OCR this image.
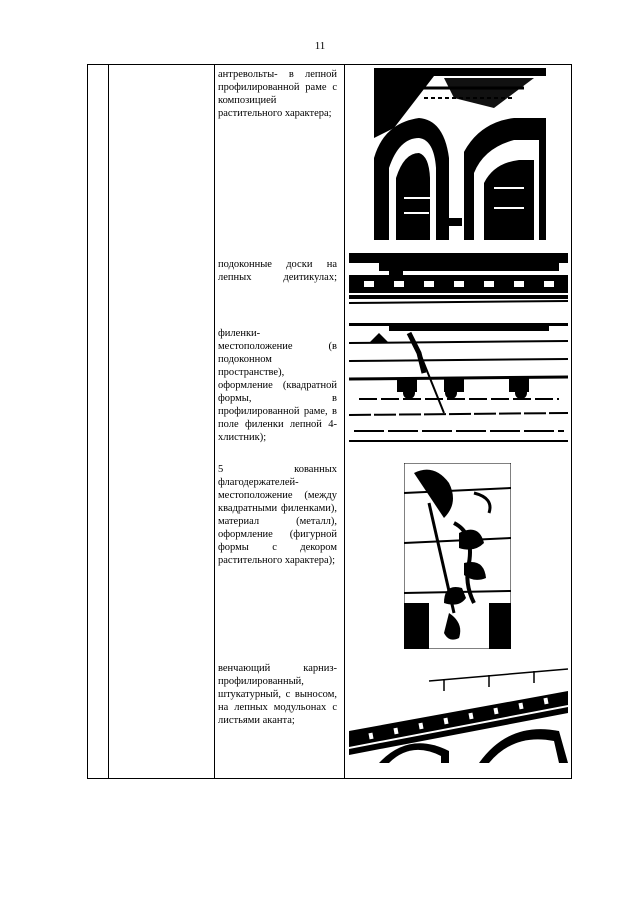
11
антревольты- в лепной профилированной раме с композицией растительного характера;
подоконные доски на лепных деитикулах;
филенки- местоположение (в подоконном пространстве), оформление (квадратной формы, в профилированной раме, в поле филенки лепной 4-хлистник);
5 кованных флагодержателей- местоположение (между квадратными филенками), материал (металл), оформление (фигурной формы с декором растительного характера);
венчающий карниз- профилированный, штукатурный, с выносом, на лепных модульонах с листьями аканта;
